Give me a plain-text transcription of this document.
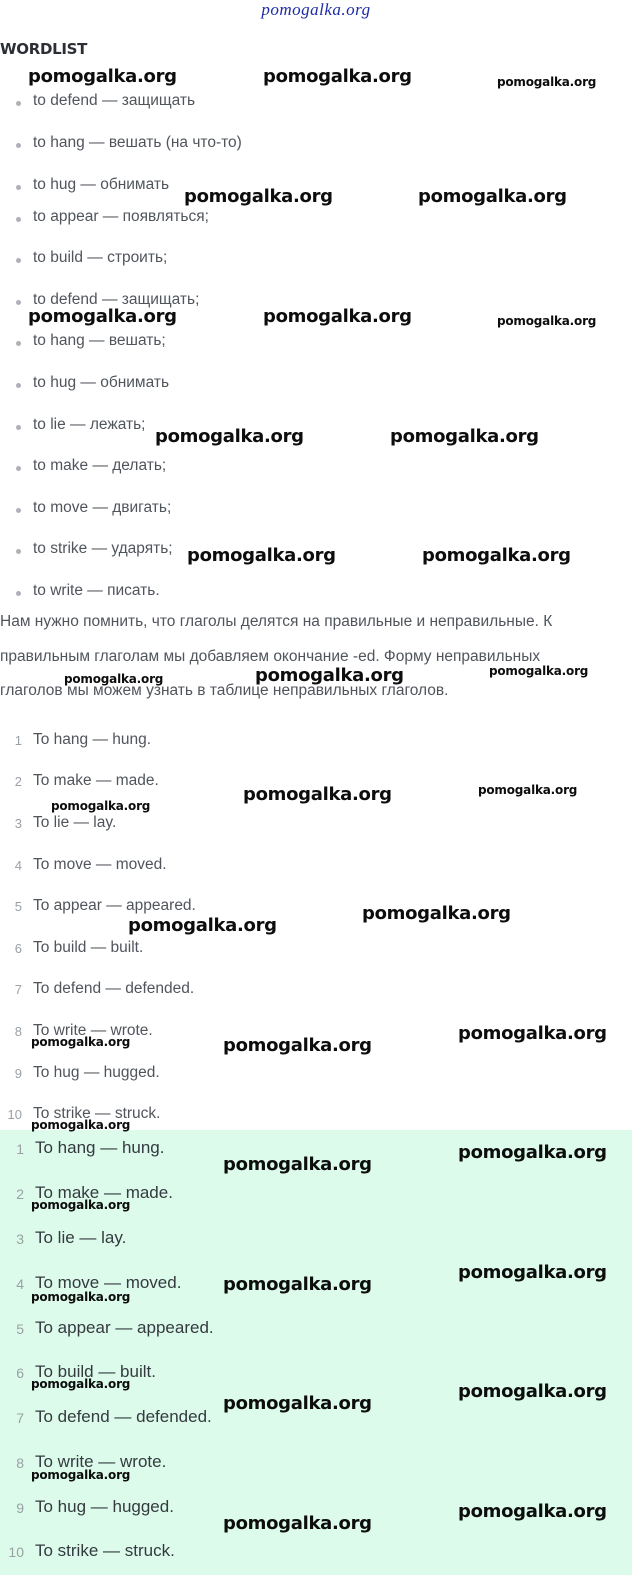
pomogalka.org
WORDLIST
to defend — защищать
to hang — вешать (на что-то)
to hug — обнимать
to appear — появляться;
to build — строить;
to defend — защищать;
to hang — вешать;
to hug — обнимать
to lie — лежать;
to make — делать;
to move — двигать;
to strike — ударять;
to write — писать.
Нам нужно помнить, что глаголы делятся на правильные и неправильные. К
правильным глаголам мы добавляем окончание -ed. Форму неправильных
глаголов мы можем узнать в таблице неправильных глаголов.
1 To hang — hung.
2 To make — made.
3 To lie — lay.
4 To move — moved.
5 To appear — appeared.
6 To build — built.
7 To defend — defended.
8 To write — wrote.
9 To hug — hugged.
10 To strike — struck.
1 To hang — hung.
2 To make — made.
3 To lie — lay.
4 To move — moved.
5 To appear — appeared.
6 To build — built.
7 To defend — defended.
8 To write — wrote.
9 To hug — hugged.
10 To strike — struck.
pomogalka.org	pomogalka.org	pomogalka.org
pomogalka.org	pomogalka.org
pomogalka.org	pomogalka.org	pomogalka.org
pomogalka.org	pomogalka.org
pomogalka.org	pomogalka.org
pomogalka.org	pomogalka.org	pomogalka.org
pomogalka.org	pomogalka.org
pomogalka.org
pomogalka.org
pomogalka.org
pomogalka.org
pomogalka.org
pomogalka.org
pomogalka.org
pomogalka.org
pomogalka.org
pomogalka.org
pomogalka.org
pomogalka.org
pomogalka.org
pomogalka.org
pomogalka.org
pomogalka.org
pomogalka.org
pomogalka.org
pomogalka.org
